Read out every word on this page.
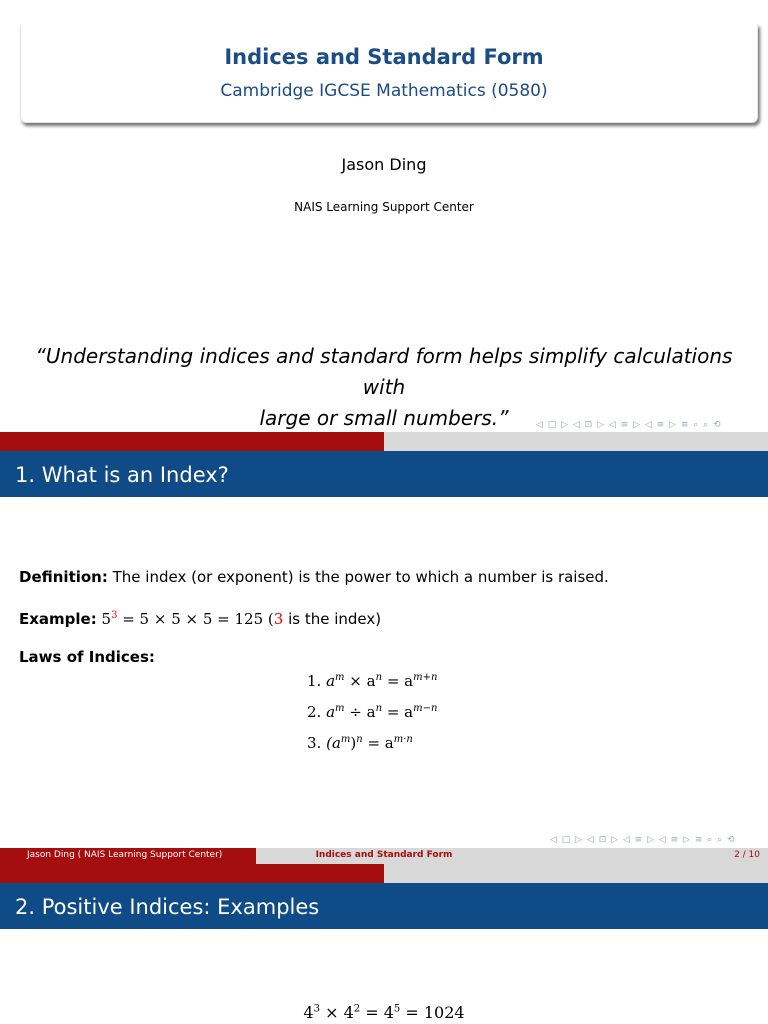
Indices and Standard Form
Cambridge IGCSE Mathematics (0580)
Jason Ding
NAIS Learning Support Center
“Understanding indices and standard form helps simplify calculations with
large or small numbers.”	◁ □ ▷ ◁ ⊡ ▷ ◁ ≡ ▷ ◁ ≡ ▷ ≡ ⌕ ⌕ ⟲
1. What is an Index?
Definition: The index (or exponent) is the power to which a number is raised.
Example: $5^3 = 5 \times 5 \times 5 = 125$ (3 is the index)
Laws of Indices:
1. $a^m \times a^n = a^{m+n}$
2. $a^m \div a^n = a^{m-n}$
3. $(a^m)^n = a^{m\cdot n}$
◁ □ ▷ ◁ ⊡ ▷ ◁ ≡ ▷ ◁ ≡ ▷ ≡ ⌕ ⌕ ⟲
Jason Ding ( NAIS Learning Support Center)	Indices and Standard Form	2 / 10
2. Positive Indices: Examples
$4^3 \times 4^2 = 4^5 = 1024$
